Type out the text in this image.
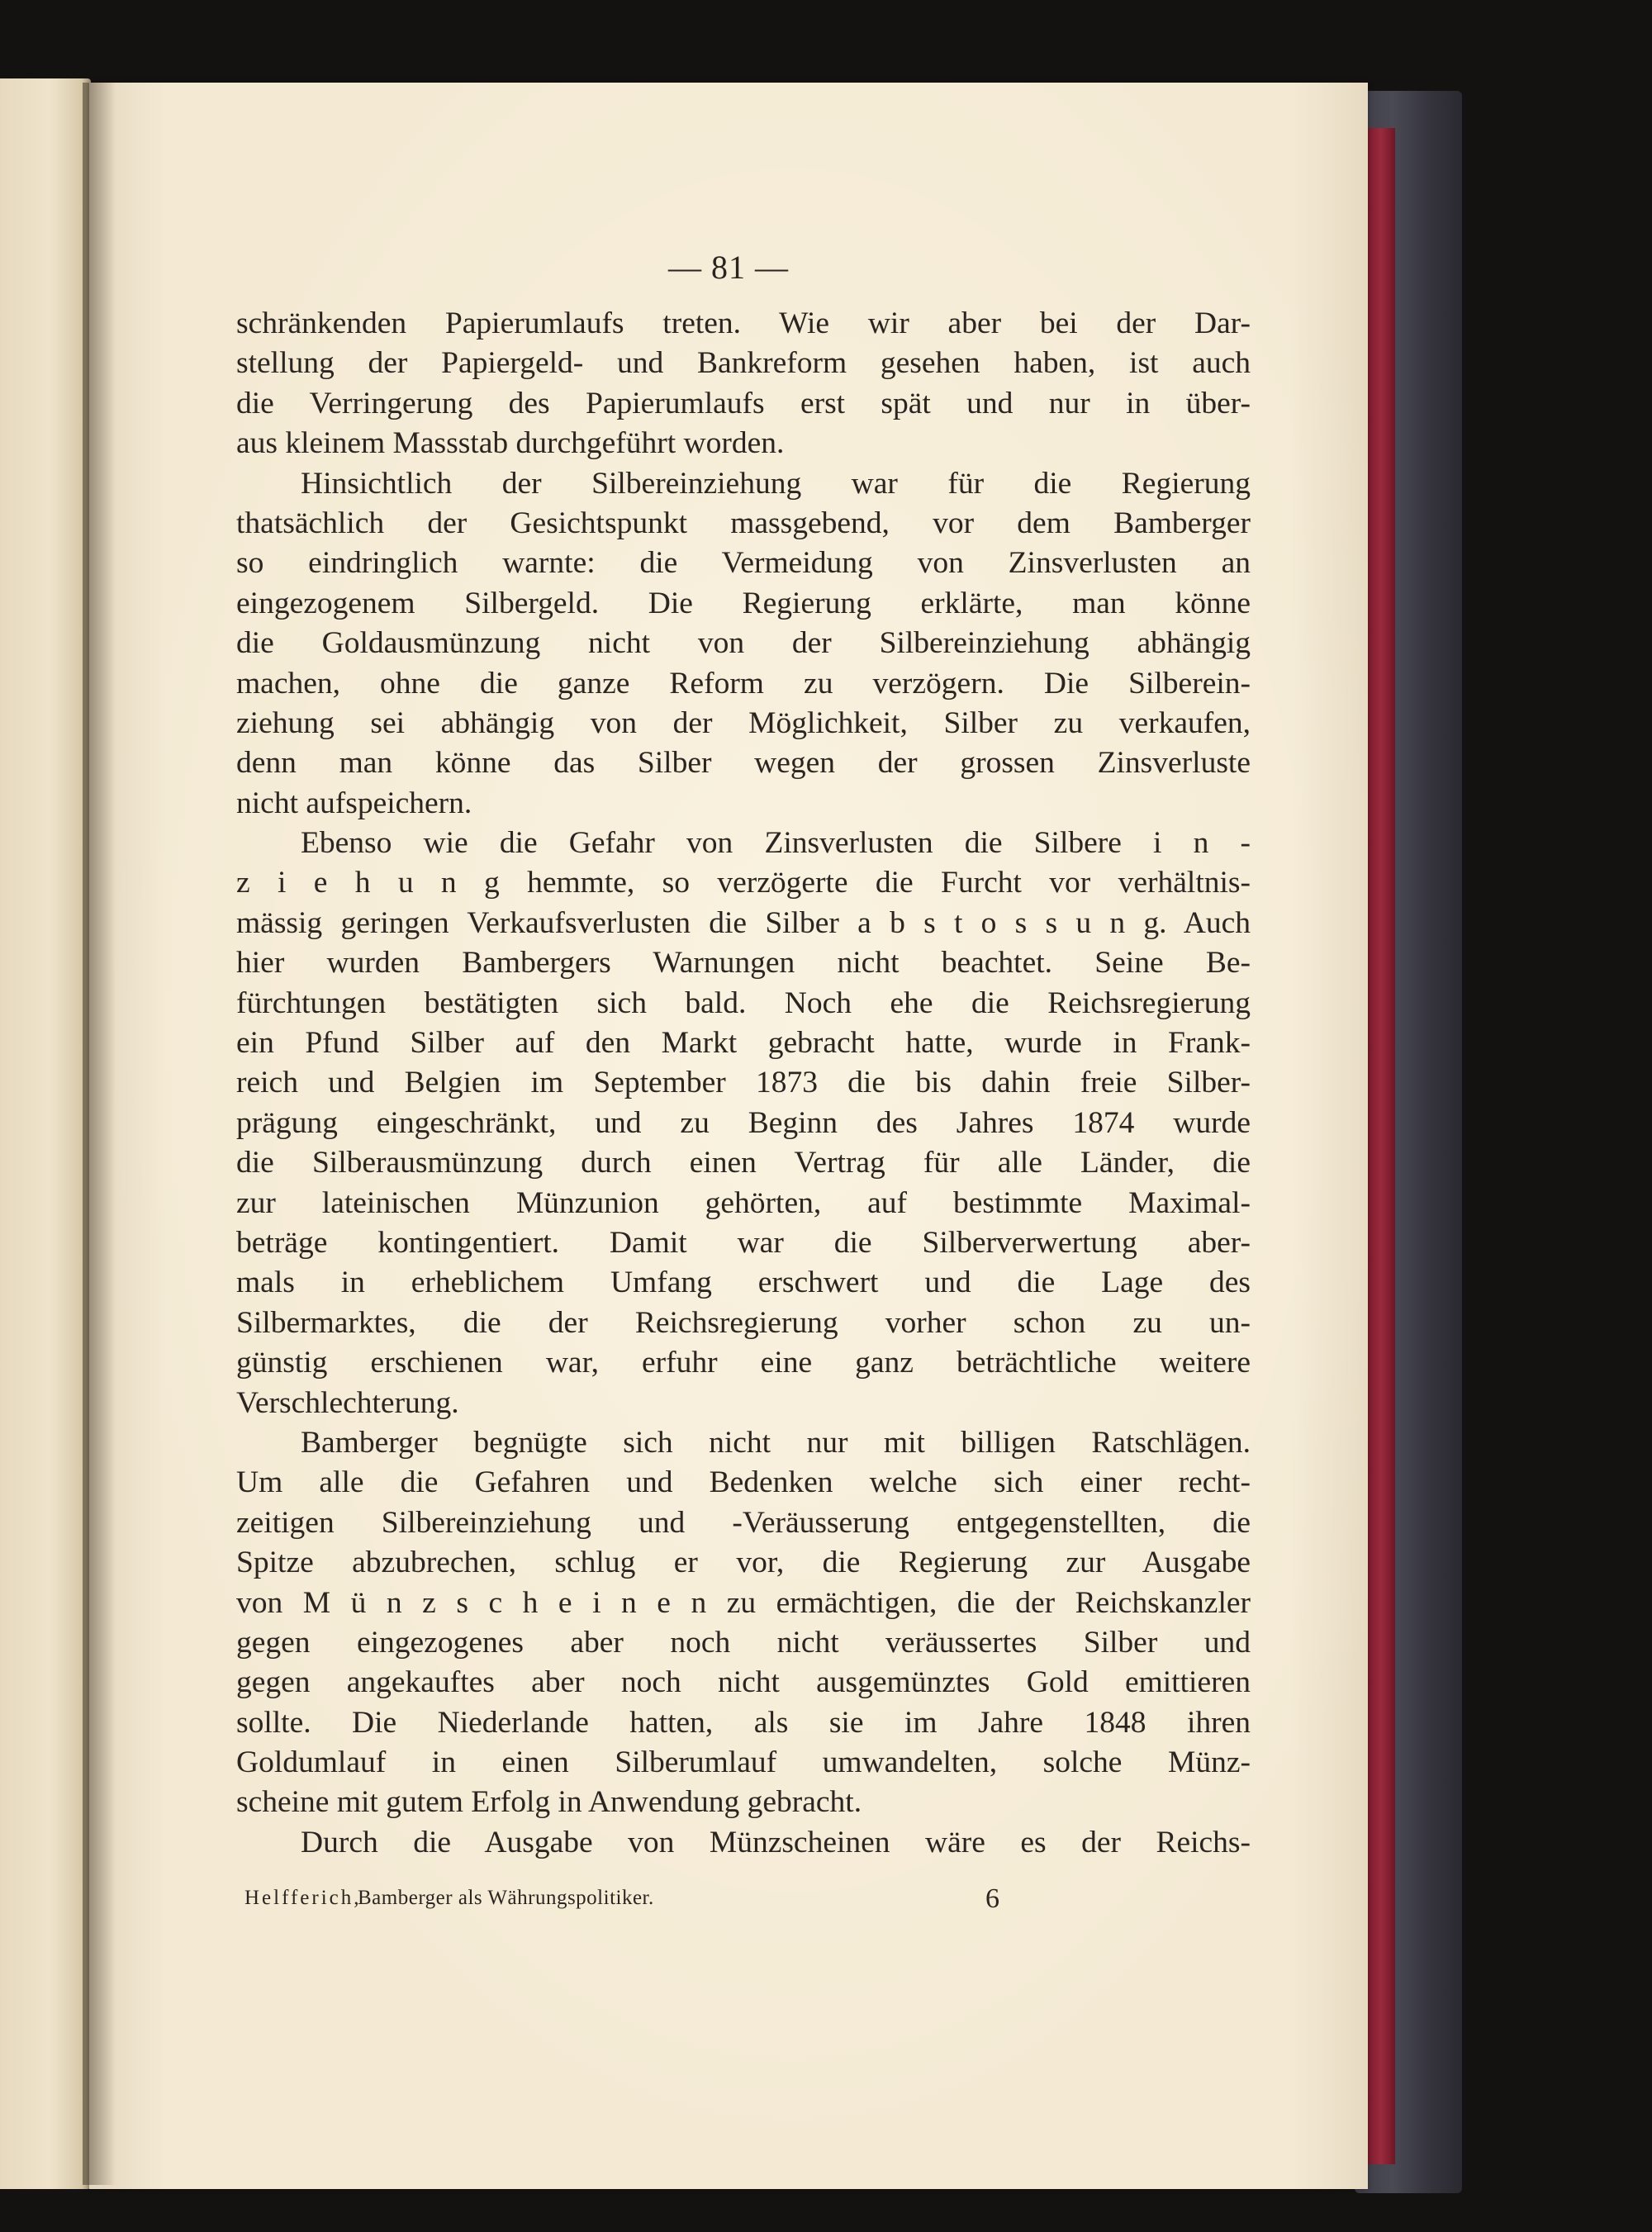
— 81 —
schränkenden Papierumlaufs treten. Wie wir aber bei der Dar-
stellung der Papiergeld- und Bankreform gesehen haben, ist auch
die Verringerung des Papierumlaufs erst spät und nur in über-
aus kleinem Massstab durchgeführt worden.
Hinsichtlich der Silbereinziehung war für die Regierung
thatsächlich der Gesichtspunkt massgebend, vor dem Bamberger
so eindringlich warnte: die Vermeidung von Zinsverlusten an
eingezogenem Silbergeld. Die Regierung erklärte, man könne
die Goldausmünzung nicht von der Silbereinziehung abhängig
machen, ohne die ganze Reform zu verzögern. Die Silberein-
ziehung sei abhängig von der Möglichkeit, Silber zu verkaufen,
denn man könne das Silber wegen der grossen Zinsverluste
nicht aufspeichern.
Ebenso wie die Gefahr von Zinsverlusten die Silbere i n -
z i e h u n g hemmte, so verzögerte die Furcht vor verhältnis-
mässig geringen Verkaufsverlusten die Silber a b s t o s s u n g. Auch
hier wurden Bambergers Warnungen nicht beachtet. Seine Be-
fürchtungen bestätigten sich bald. Noch ehe die Reichsregierung
ein Pfund Silber auf den Markt gebracht hatte, wurde in Frank-
reich und Belgien im September 1873 die bis dahin freie Silber-
prägung eingeschränkt, und zu Beginn des Jahres 1874 wurde
die Silberausmünzung durch einen Vertrag für alle Länder, die
zur lateinischen Münzunion gehörten, auf bestimmte Maximal-
beträge kontingentiert. Damit war die Silberverwertung aber-
mals in erheblichem Umfang erschwert und die Lage des
Silbermarktes, die der Reichsregierung vorher schon zu un-
günstig erschienen war, erfuhr eine ganz beträchtliche weitere
Verschlechterung.
Bamberger begnügte sich nicht nur mit billigen Ratschlägen.
Um alle die Gefahren und Bedenken welche sich einer recht-
zeitigen Silbereinziehung und -Veräusserung entgegenstellten, die
Spitze abzubrechen, schlug er vor, die Regierung zur Ausgabe
von M ü n z s c h e i n e n zu ermächtigen, die der Reichskanzler
gegen eingezogenes aber noch nicht veräussertes Silber und
gegen angekauftes aber noch nicht ausgemünztes Gold emittieren
sollte. Die Niederlande hatten, als sie im Jahre 1848 ihren
Goldumlauf in einen Silberumlauf umwandelten, solche Münz-
scheine mit gutem Erfolg in Anwendung gebracht.
Durch die Ausgabe von Münzscheinen wäre es der Reichs-
Helfferich,
Bamberger als Währungspolitiker.	6
